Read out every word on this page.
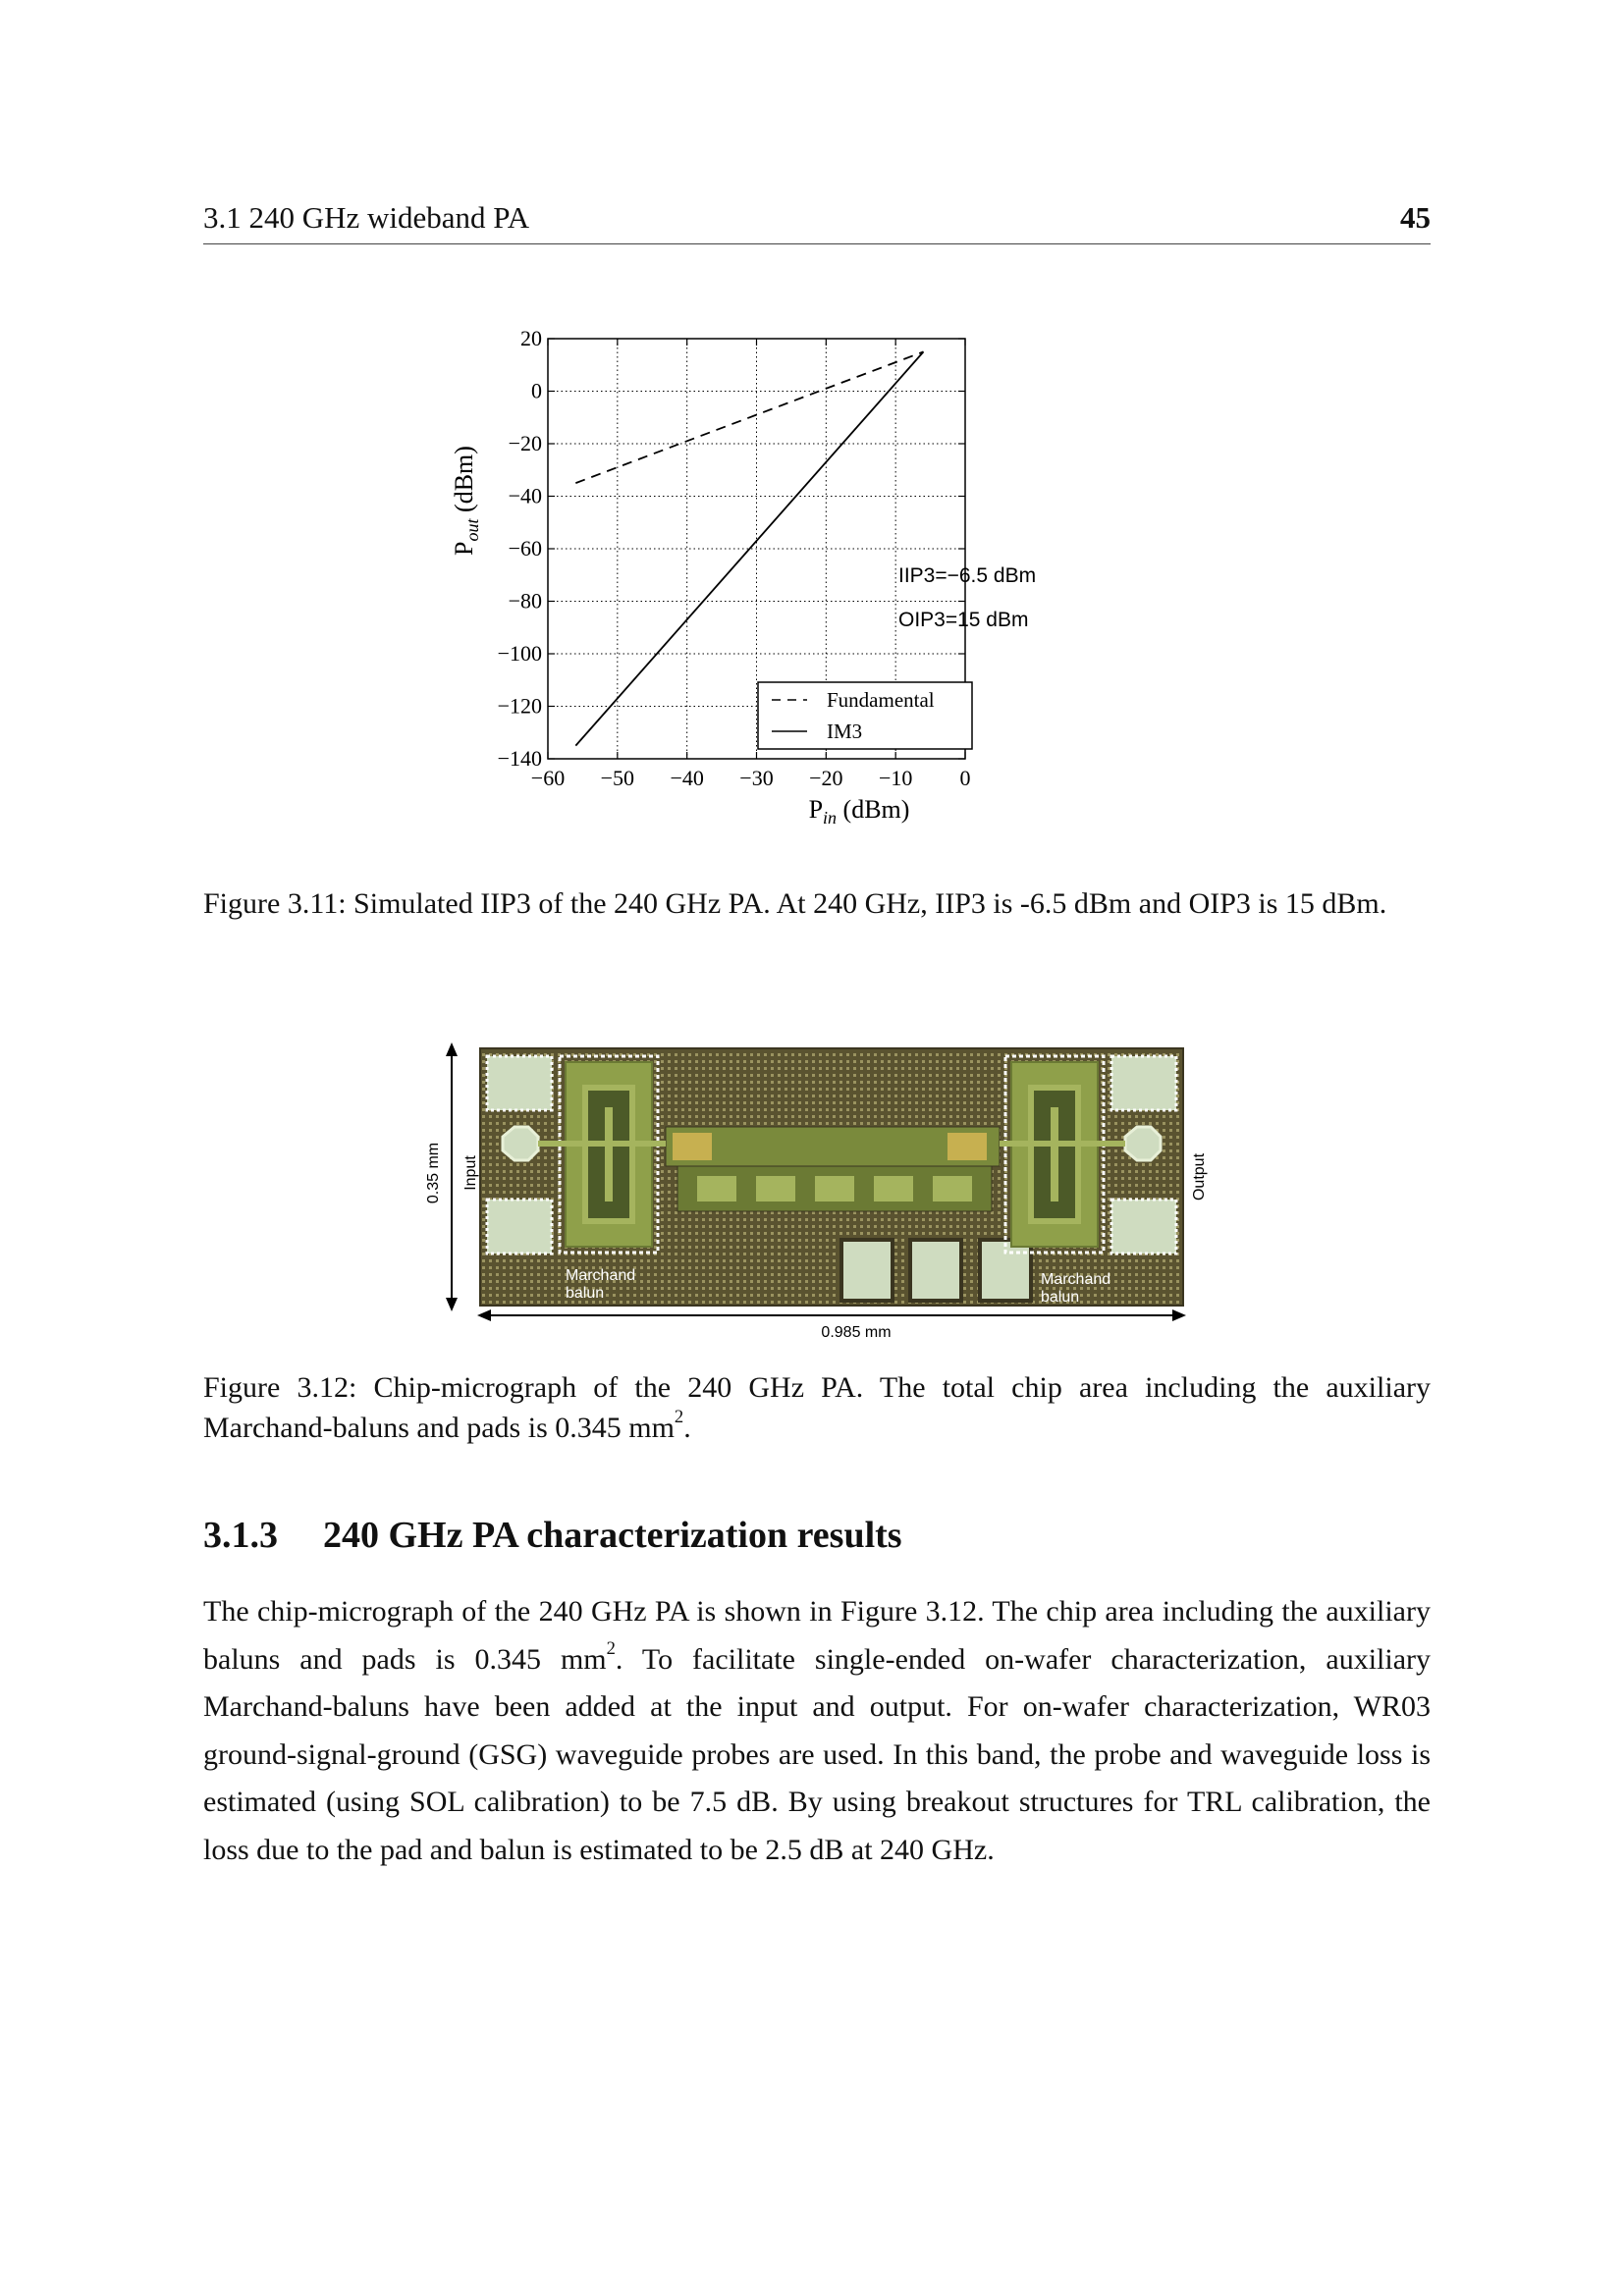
3.1 240 GHz wideband PA	45
−60 −50 −40 −30 −20 −10 0
20
0
−20
−40
−60
−80
−100
−120
−140
IIP3=−6.5 dBm
OIP3=15 dBm
Fundamental
IM3
$P_{in}$ (dBm)
$P_{out}$ (dBm)
Figure 3.11: Simulated IIP3 of the 240 GHz PA. At 240 GHz, IIP3 is -6.5 dBm and OIP3 is 15 dBm.
0.35 mm Input
Marchand
balun
Marchand
balun
Output
0.985 mm
Figure 3.12: Chip-micrograph of the 240 GHz PA. The total chip area including the auxiliary Marchand-baluns and pads is 0.345 $mm^2$.
3.1.3 240 GHz PA characterization results
The chip-micrograph of the 240 GHz PA is shown in Figure 3.12. The chip area including the auxiliary baluns and pads is 0.345 $mm^2$. To facilitate single-ended on-wafer characterization, auxiliary Marchand-baluns have been added at the input and output. For on-wafer characterization, WR03 ground-signal-ground (GSG) waveguide probes are used. In this band, the probe and waveguide loss is estimated (using SOL calibration) to be 7.5 dB. By using breakout structures for TRL calibration, the loss due to the pad and balun is estimated to be 2.5 dB at 240 GHz.
